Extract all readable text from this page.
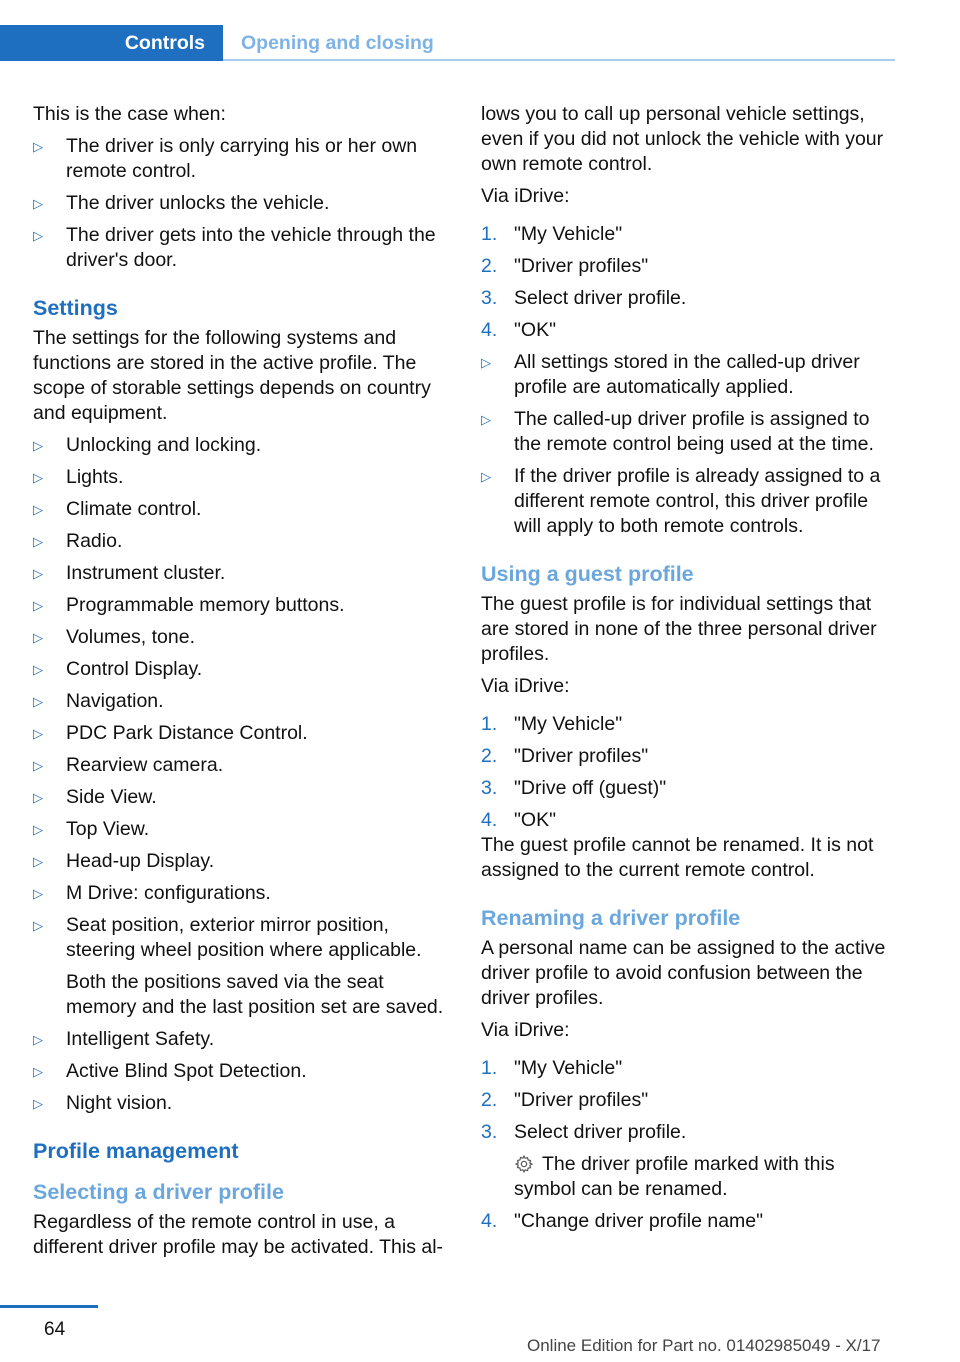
Controls	Opening and closing

This is the case when:

▷ The driver is only carrying his or her own remote control.
▷ The driver unlocks the vehicle.
▷ The driver gets into the vehicle through the driver's door.
Settings

The settings for the following systems and functions are stored in the active profile. The scope of storable settings depends on country and equipment.

▷ Unlocking and locking.
▷ Lights.
▷ Climate control.
▷ Radio.
▷ Instrument cluster.
▷ Programmable memory buttons.
▷ Volumes, tone.
▷ Control Display.
▷ Navigation.
▷ PDC Park Distance Control.
▷ Rearview camera.
▷ Side View.
▷ Top View.
▷ Head-up Display.
▷ M Drive: configurations.
▷ Seat position, exterior mirror position, steering wheel position where applicable.

Both the positions saved via the seat memory and the last position set are saved.

▷ Intelligent Safety.
▷ Active Blind Spot Detection.
▷ Night vision.
Profile management
Selecting a driver profile

Regardless of the remote control in use, a different driver profile may be activated. This al-

lows you to call up personal vehicle settings, even if you did not unlock the vehicle with your own remote control.

Via iDrive:

1. "My Vehicle"
2. "Driver profiles"
3. Select driver profile.
4. "OK"
▷ All settings stored in the called-up driver profile are automatically applied.
▷ The called-up driver profile is assigned to the remote control being used at the time.
▷ If the driver profile is already assigned to a different remote control, this driver profile will apply to both remote controls.
Using a guest profile

The guest profile is for individual settings that are stored in none of the three personal driver profiles.

Via iDrive:

1. "My Vehicle"
2. "Driver profiles"
3. "Drive off (guest)"
4. "OK"

The guest profile cannot be renamed. It is not assigned to the current remote control.

Renaming a driver profile

A personal name can be assigned to the active driver profile to avoid confusion between the driver profiles.

Via iDrive:

1. "My Vehicle"
2. "Driver profiles"
3. Select driver profile.

The driver profile marked with this symbol can be renamed.

4. "Change driver profile name"
64
Online Edition for Part no. 01402985049 - X/17
